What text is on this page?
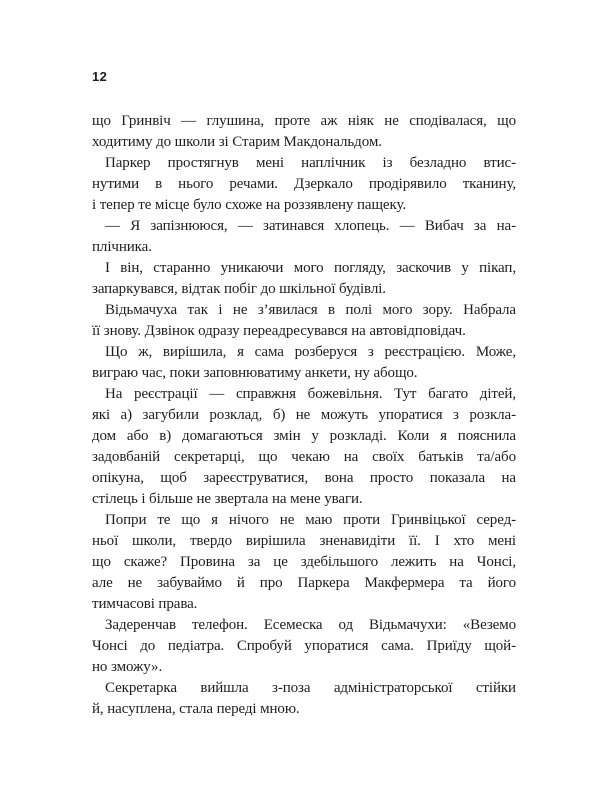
12
що Гринвіч — глушина, проте аж ніяк не сподівалася, що
ходитиму до школи зі Старим Макдональдом.
Паркер простягнув мені наплічник із безладно втис-
нутими в нього речами. Дзеркало продірявило тканину,
і тепер те місце було схоже на роззявлену пащеку.
— Я запізнююся, — затинався хлопець. — Вибач за на-
плічника.
І він, старанно уникаючи мого погляду, заскочив у пікап,
запаркувався, відтак побіг до шкільної будівлі.
Відьмачуха так і не з’явилася в полі мого зору. Набрала
її знову. Дзвінок одразу переадресувався на автовідповідач.
Що ж, вирішила, я сама розберуся з реєстрацією. Може,
виграю час, поки заповнюватиму анкети, ну абощо.
На реєстрації — справжня божевільня. Тут багато дітей,
які а) загубили розклад, б) не можуть упоратися з розкла-
дом або в) домагаються змін у розкладі. Коли я пояснила
задовбаній секретарці, що чекаю на своїх батьків та/або
опікуна, щоб зареєструватися, вона просто показала на
стілець і більше не звертала на мене уваги.
Попри те що я нічого не маю проти Гринвіцької серед-
ньої школи, твердо вирішила зненавидіти її. І хто мені
що скаже? Провина за це здебільшого лежить на Чонсі,
але не забуваймо й про Паркера Макфермера та його
тимчасові права.
Задеренчав телефон. Есемеска од Відьмачухи: «Веземо
Чонсі до педіатра. Спробуй упоратися сама. Приїду щой-
но зможу».
Секретарка вийшла з-поза адміністраторської стійки
й, насуплена, стала переді мною.
